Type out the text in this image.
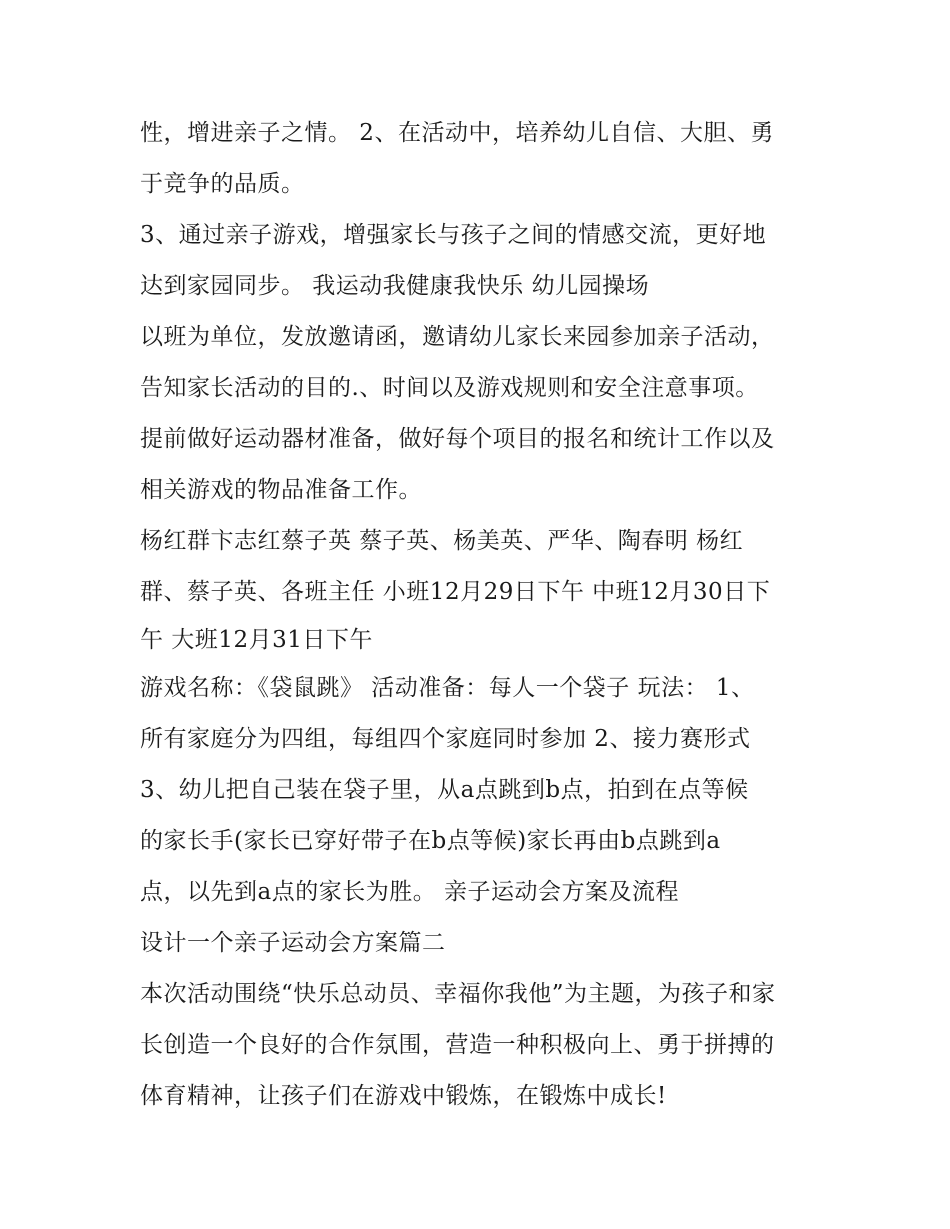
性，增进亲子之情。 2、在活动中，培养幼儿自信、大胆、勇
于竞争的品质。
3、通过亲子游戏，增强家长与孩子之间的情感交流，更好地
达到家园同步。 我运动我健康我快乐 幼儿园操场
以班为单位，发放邀请函，邀请幼儿家长来园参加亲子活动，
告知家长活动的目的.、时间以及游戏规则和安全注意事项。
提前做好运动器材准备，做好每个项目的报名和统计工作以及
相关游戏的物品准备工作。
杨红群卞志红蔡子英 蔡子英、杨美英、严华、陶春明 杨红
群、蔡子英、各班主任 小班12月29日下午 中班12月30日下
午 大班12月31日下午
游戏名称：《袋鼠跳》 活动准备：每人一个袋子 玩法： 1、
所有家庭分为四组，每组四个家庭同时参加 2、接力赛形式
3、幼儿把自己装在袋子里，从a点跳到b点，拍到在点等候
的家长手(家长已穿好带子在b点等候)家长再由b点跳到a
点，以先到a点的家长为胜。 亲子运动会方案及流程
设计一个亲子运动会方案篇二
本次活动围绕“快乐总动员、幸福你我他”为主题，为孩子和家
长创造一个良好的合作氛围，营造一种积极向上、勇于拼搏的
体育精神，让孩子们在游戏中锻炼，在锻炼中成长!
